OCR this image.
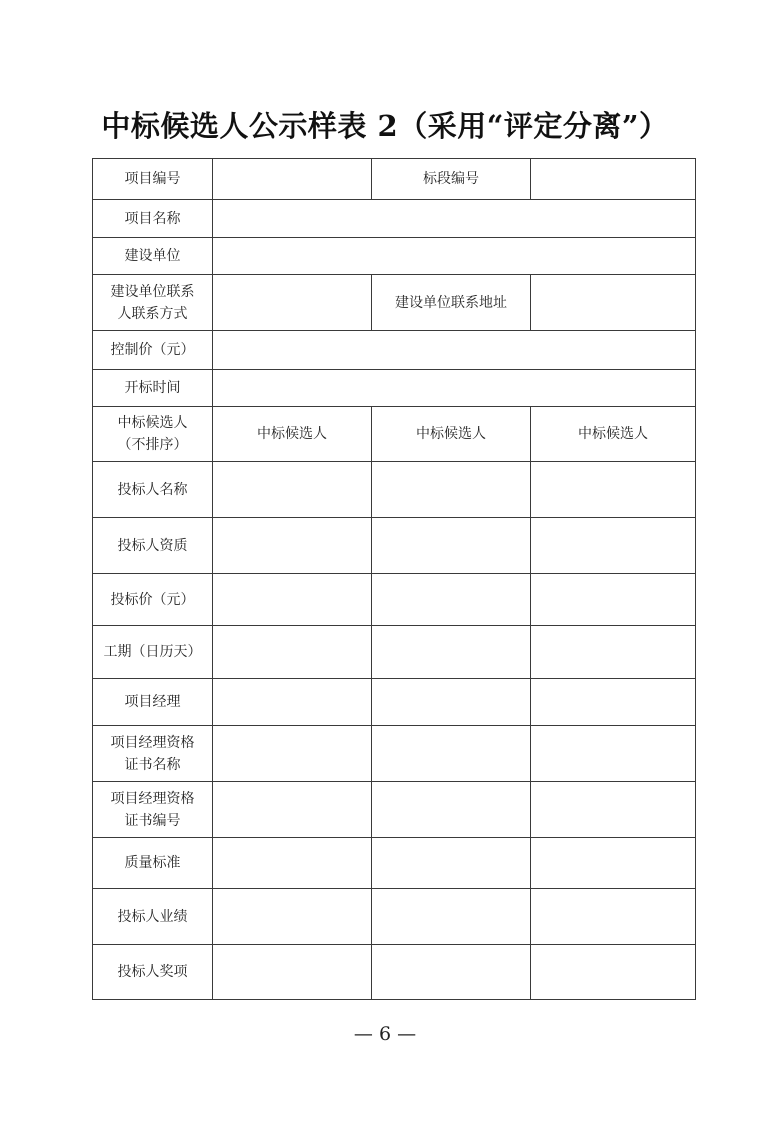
中标候选人公示样表 2（采用“评定分离”）
项目编号		标段编号	
项目名称			
建设单位			
建设单位联系
人联系方式		建设单位联系地址	
控制价（元）			
开标时间			
中标候选人
（不排序）	中标候选人	中标候选人	中标候选人
投标人名称			
投标人资质			
投标价（元）			
工期（日历天）			
项目经理			
项目经理资格
证书名称			
项目经理资格
证书编号			
质量标准			
投标人业绩			
投标人奖项			
— 6 —
